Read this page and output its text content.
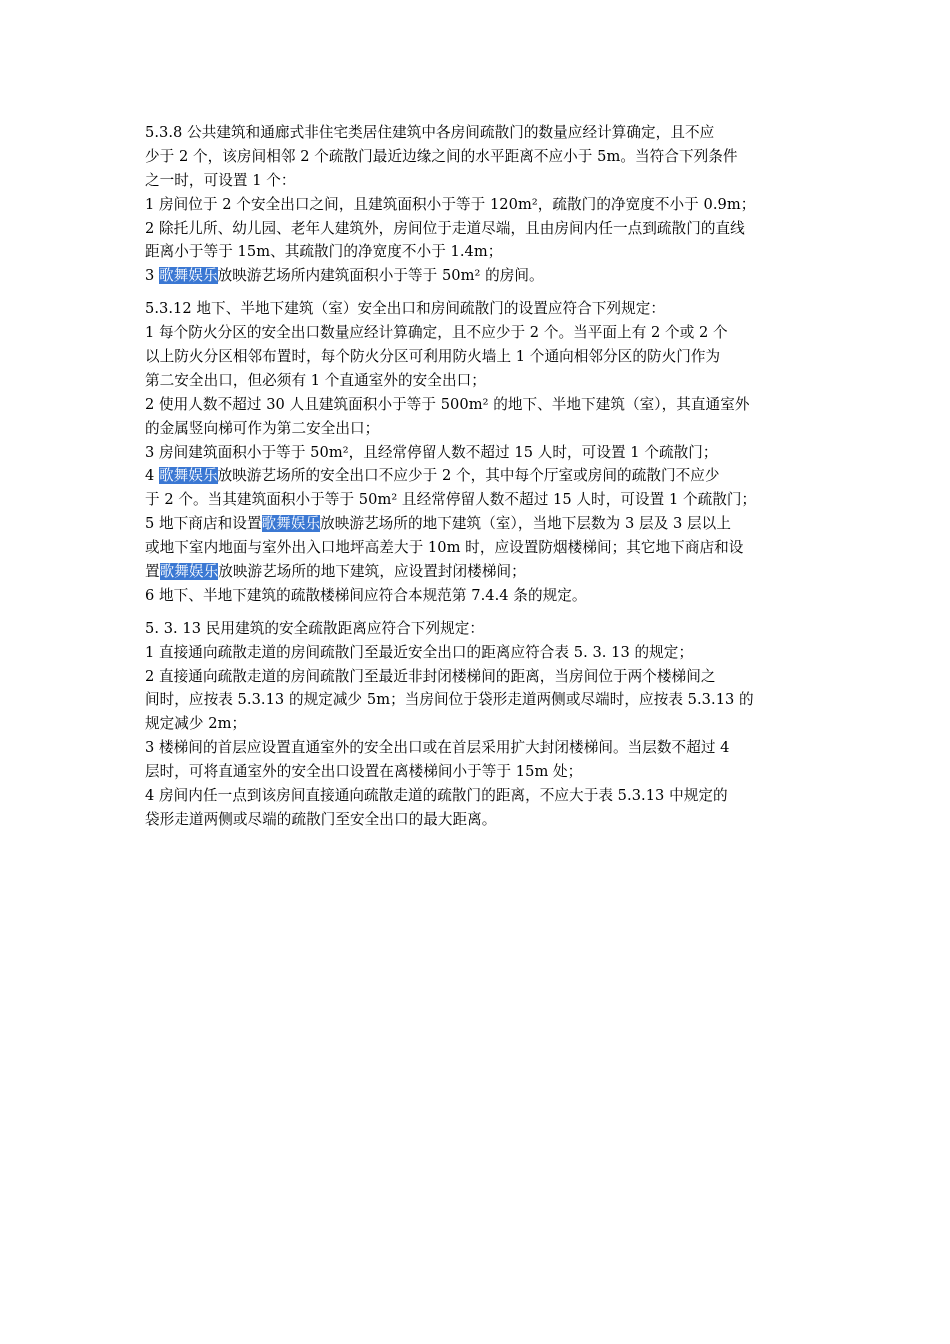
5.3.8 公共建筑和通廊式非住宅类居住建筑中各房间疏散门的数量应经计算确定，且不应
少于 2 个，该房间相邻 2 个疏散门最近边缘之间的水平距离不应小于 5m。当符合下列条件
之一时，可设置 1 个：
1 房间位于 2 个安全出口之间，且建筑面积小于等于 120m²，疏散门的净宽度不小于 0.9m；
2 除托儿所、幼儿园、老年人建筑外，房间位于走道尽端，且由房间内任一点到疏散门的直线
距离小于等于 15m、其疏散门的净宽度不小于 1.4m；
3 歌舞娱乐放映游艺场所内建筑面积小于等于 50m² 的房间。
5.3.12 地下、半地下建筑（室）安全出口和房间疏散门的设置应符合下列规定：
1 每个防火分区的安全出口数量应经计算确定，且不应少于 2 个。当平面上有 2 个或 2 个
以上防火分区相邻布置时，每个防火分区可利用防火墙上 1 个通向相邻分区的防火门作为
第二安全出口，但必须有 1 个直通室外的安全出口；
2 使用人数不超过 30 人且建筑面积小于等于 500m² 的地下、半地下建筑（室），其直通室外
的金属竖向梯可作为第二安全出口；
3 房间建筑面积小于等于 50m²，且经常停留人数不超过 15 人时，可设置 1 个疏散门；
4 歌舞娱乐放映游艺场所的安全出口不应少于 2 个，其中每个厅室或房间的疏散门不应少
于 2 个。当其建筑面积小于等于 50m² 且经常停留人数不超过 15 人时，可设置 1 个疏散门；
5 地下商店和设置歌舞娱乐放映游艺场所的地下建筑（室），当地下层数为 3 层及 3 层以上
或地下室内地面与室外出入口地坪高差大于 10m 时，应设置防烟楼梯间；其它地下商店和设
置歌舞娱乐放映游艺场所的地下建筑，应设置封闭楼梯间；
6 地下、半地下建筑的疏散楼梯间应符合本规范第 7.4.4 条的规定。
5. 3. 13 民用建筑的安全疏散距离应符合下列规定：
1 直接通向疏散走道的房间疏散门至最近安全出口的距离应符合表 5. 3. 13 的规定；
2 直接通向疏散走道的房间疏散门至最近非封闭楼梯间的距离，当房间位于两个楼梯间之
间时，应按表 5.3.13 的规定减少 5m；当房间位于袋形走道两侧或尽端时，应按表 5.3.13 的
规定减少 2m；
3 楼梯间的首层应设置直通室外的安全出口或在首层采用扩大封闭楼梯间。当层数不超过 4
层时，可将直通室外的安全出口设置在离楼梯间小于等于 15m 处；
4 房间内任一点到该房间直接通向疏散走道的疏散门的距离，不应大于表 5.3.13 中规定的
袋形走道两侧或尽端的疏散门至安全出口的最大距离。
